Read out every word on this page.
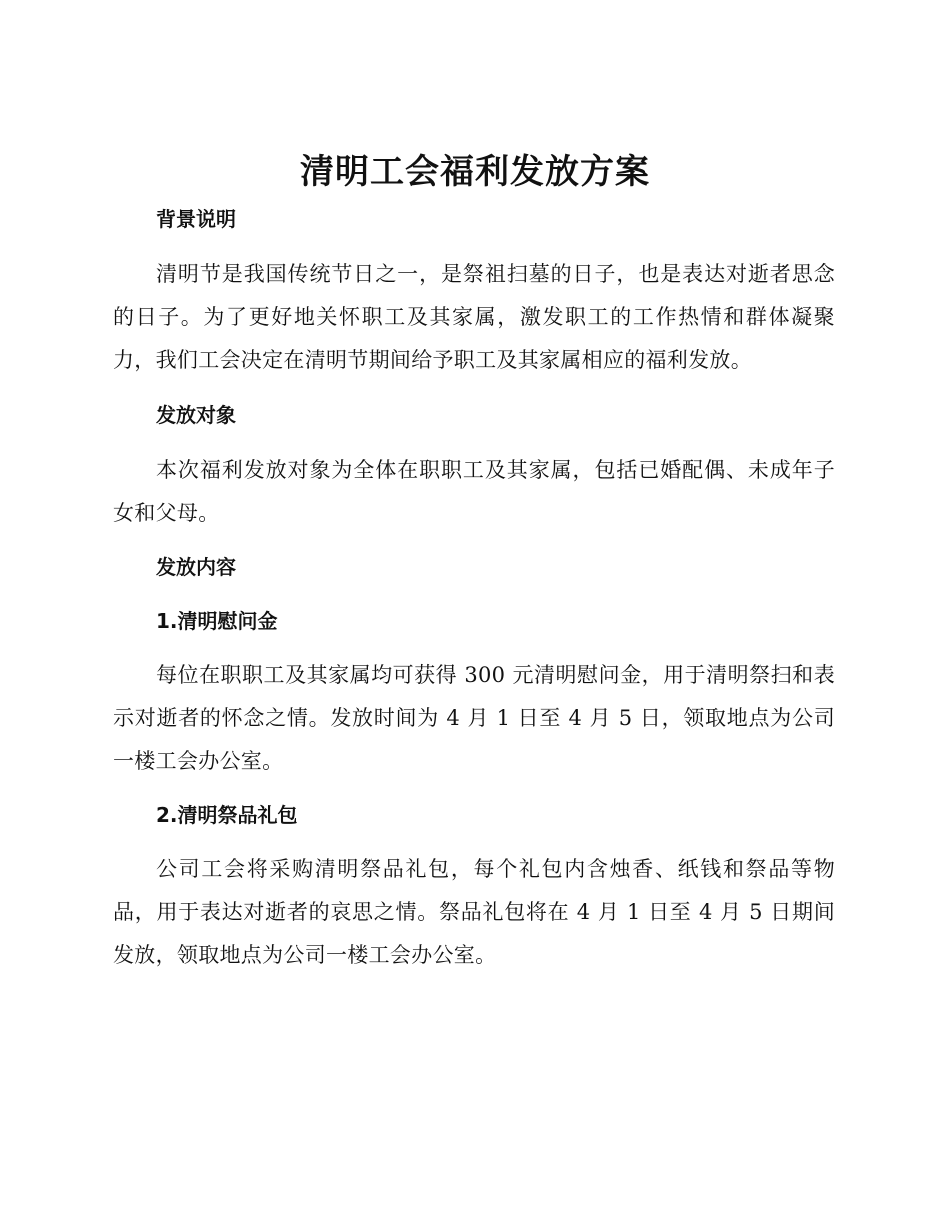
清明工会福利发放方案
背景说明

清明节是我国传统节日之一，是祭祖扫墓的日子，也是表达对逝者思念的日子。为了更好地关怀职工及其家属，激发职工的工作热情和群体凝聚力，我们工会决定在清明节期间给予职工及其家属相应的福利发放。

发放对象

本次福利发放对象为全体在职职工及其家属，包括已婚配偶、未成年子女和父母。

发放内容
1.清明慰问金

每位在职职工及其家属均可获得 300 元清明慰问金，用于清明祭扫和表示对逝者的怀念之情。发放时间为 4 月 1 日至 4 月 5 日，领取地点为公司一楼工会办公室。

2.清明祭品礼包

公司工会将采购清明祭品礼包，每个礼包内含烛香、纸钱和祭品等物品，用于表达对逝者的哀思之情。祭品礼包将在 4 月 1 日至 4 月 5 日期间发放，领取地点为公司一楼工会办公室。
